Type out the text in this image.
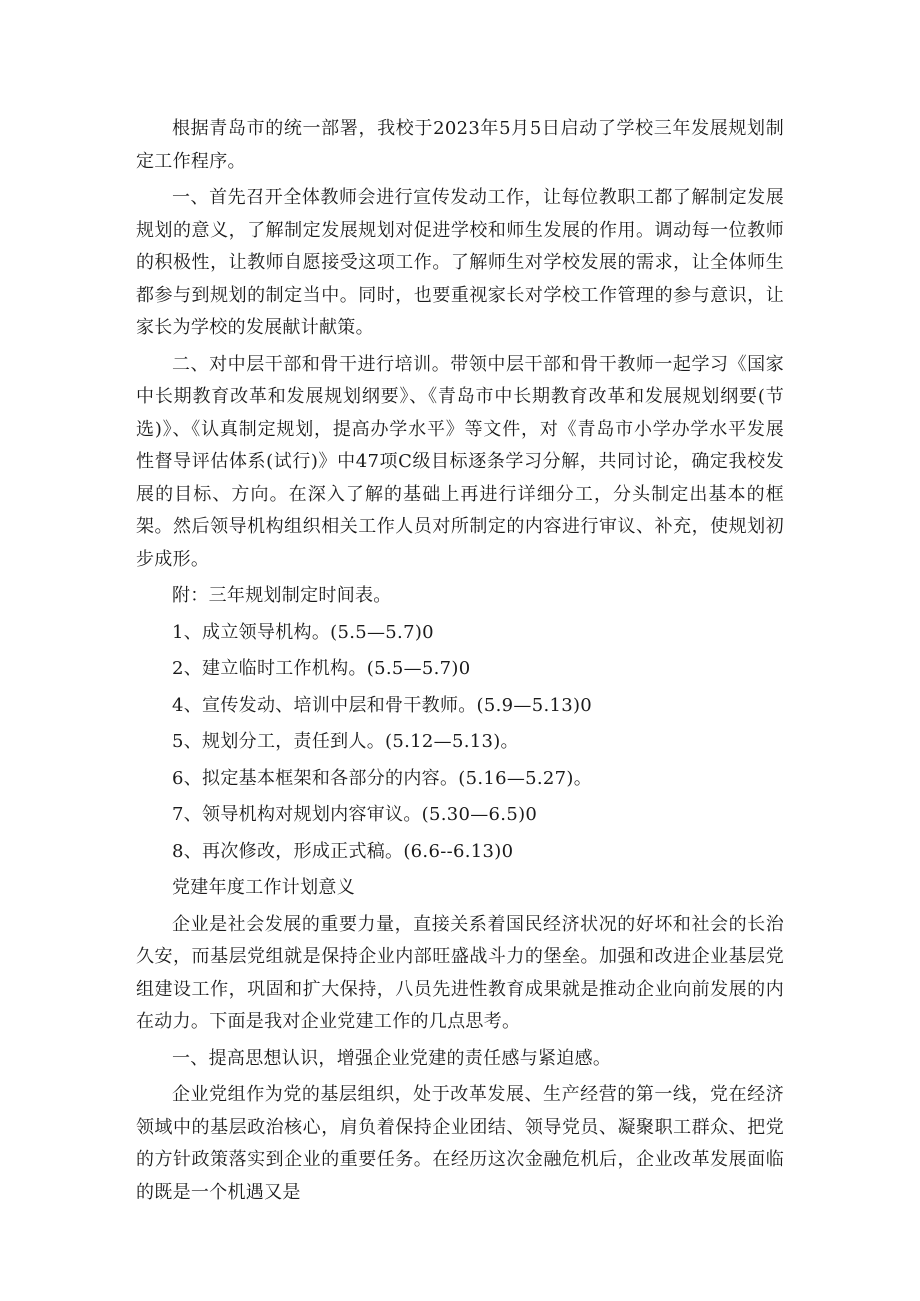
根据青岛市的统一部署，我校于2023年5月5日启动了学校三年发展规划制定工作程序。

一、首先召开全体教师会进行宣传发动工作，让每位教职工都了解制定发展规划的意义，了解制定发展规划对促进学校和师生发展的作用。调动每一位教师的积极性，让教师自愿接受这项工作。了解师生对学校发展的需求，让全体师生都参与到规划的制定当中。同时，也要重视家长对学校工作管理的参与意识，让家长为学校的发展献计献策。

二、对中层干部和骨干进行培训。带领中层干部和骨干教师一起学习《国家中长期教育改革和发展规划纲要》、《青岛市中长期教育改革和发展规划纲要(节选)》、《认真制定规划，提高办学水平》等文件，对《青岛市小学办学水平发展性督导评估体系(试行)》中47项C级目标逐条学习分解，共同讨论，确定我校发展的目标、方向。在深入了解的基础上再进行详细分工，分头制定出基本的框架。然后领导机构组织相关工作人员对所制定的内容进行审议、补充，使规划初步成形。

附：三年规划制定时间表。

1、成立领导机构。(5.5—5.7)0

2、建立临时工作机构。(5.5—5.7)0

4、宣传发动、培训中层和骨干教师。(5.9—5.13)0

5、规划分工，责任到人。(5.12—5.13)。

6、拟定基本框架和各部分的内容。(5.16—5.27)。

7、领导机构对规划内容审议。(5.30—6.5)0

8、再次修改，形成正式稿。(6.6--6.13)0

党建年度工作计划意义

企业是社会发展的重要力量，直接关系着国民经济状况的好坏和社会的长治久安，而基层党组就是保持企业内部旺盛战斗力的堡垒。加强和改进企业基层党组建设工作，巩固和扩大保持，八员先进性教育成果就是推动企业向前发展的内在动力。下面是我对企业党建工作的几点思考。

一、提高思想认识，增强企业党建的责任感与紧迫感。

企业党组作为党的基层组织，处于改革发展、生产经营的第一线，党在经济领域中的基层政治核心，肩负着保持企业团结、领导党员、凝聚职工群众、把党的方针政策落实到企业的重要任务。在经历这次金融危机后，企业改革发展面临的既是一个机遇又是
